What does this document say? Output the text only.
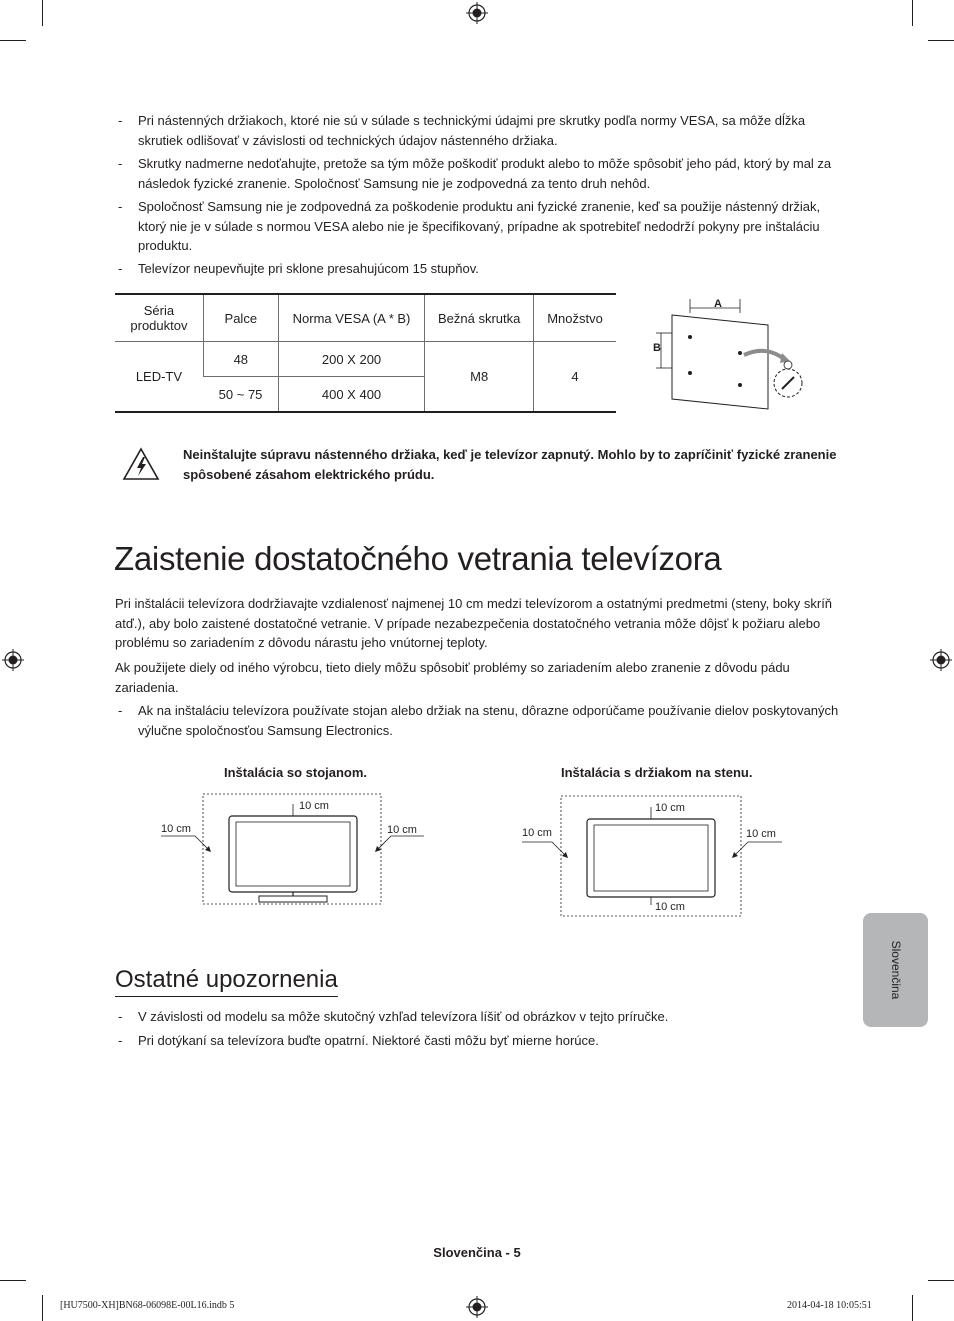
- Pri nástenných držiakoch, ktoré nie sú v súlade s technickými údajmi pre skrutky podľa normy VESA, sa môže dĺžka skrutiek odlišovať v závislosti od technických údajov nástenného držiaka.
- Skrutky nadmerne nedoťahujte, pretože sa tým môže poškodiť produkt alebo to môže spôsobiť jeho pád, ktorý by mal za následok fyzické zranenie. Spoločnosť Samsung nie je zodpovedná za tento druh nehôd.
- Spoločnosť Samsung nie je zodpovedná za poškodenie produktu ani fyzické zranenie, keď sa použije nástenný držiak, ktorý nie je v súlade s normou VESA alebo nie je špecifikovaný, prípadne ak spotrebiteľ nedodrží pokyny pre inštaláciu produktu.
- Televízor neupevňujte pri sklone presahujúcom 15 stupňov.
Séria produktov	Palce	Norma VESA (A * B)	Bežná skrutka	Množstvo
LED-TV	48	200 X 200	M8	4
	50 ~ 75	400 X 400		
A
B
Neinštalujte súpravu nástenného držiaka, keď je televízor zapnutý. Mohlo by to zapríčiniť fyzické zranenie spôsobené zásahom elektrického prúdu.
Zaistenie dostatočného vetrania televízora
Pri inštalácii televízora dodržiavajte vzdialenosť najmenej 10 cm medzi televízorom a ostatnými predmetmi (steny, boky skríň atď.), aby bolo zaistené dostatočné vetranie. V prípade nezabezpečenia dostatočného vetrania môže dôjsť k požiaru alebo problému so zariadením z dôvodu nárastu jeho vnútornej teploty.
Ak použijete diely od iného výrobcu, tieto diely môžu spôsobiť problémy so zariadením alebo zranenie z dôvodu pádu zariadenia.
- Ak na inštaláciu televízora používate stojan alebo držiak na stenu, dôrazne odporúčame používanie dielov poskytovaných výlučne spoločnosťou Samsung Electronics.
Inštalácia so stojanom.	Inštalácia s držiakom na stenu.
10 cm
10 cm	10 cm
10 cm
10 cm
10 cm	10 cm
Ostatné upozornenia
- V závislosti od modelu sa môže skutočný vzhľad televízora líšiť od obrázkov v tejto príručke.
- Pri dotýkaní sa televízora buďte opatrní. Niektoré časti môžu byť mierne horúce.
Slovenčina
Slovenčina - 5
[HU7500-XH]BN68-06098E-00L16.indb 5	2014-04-18 10:05:51
